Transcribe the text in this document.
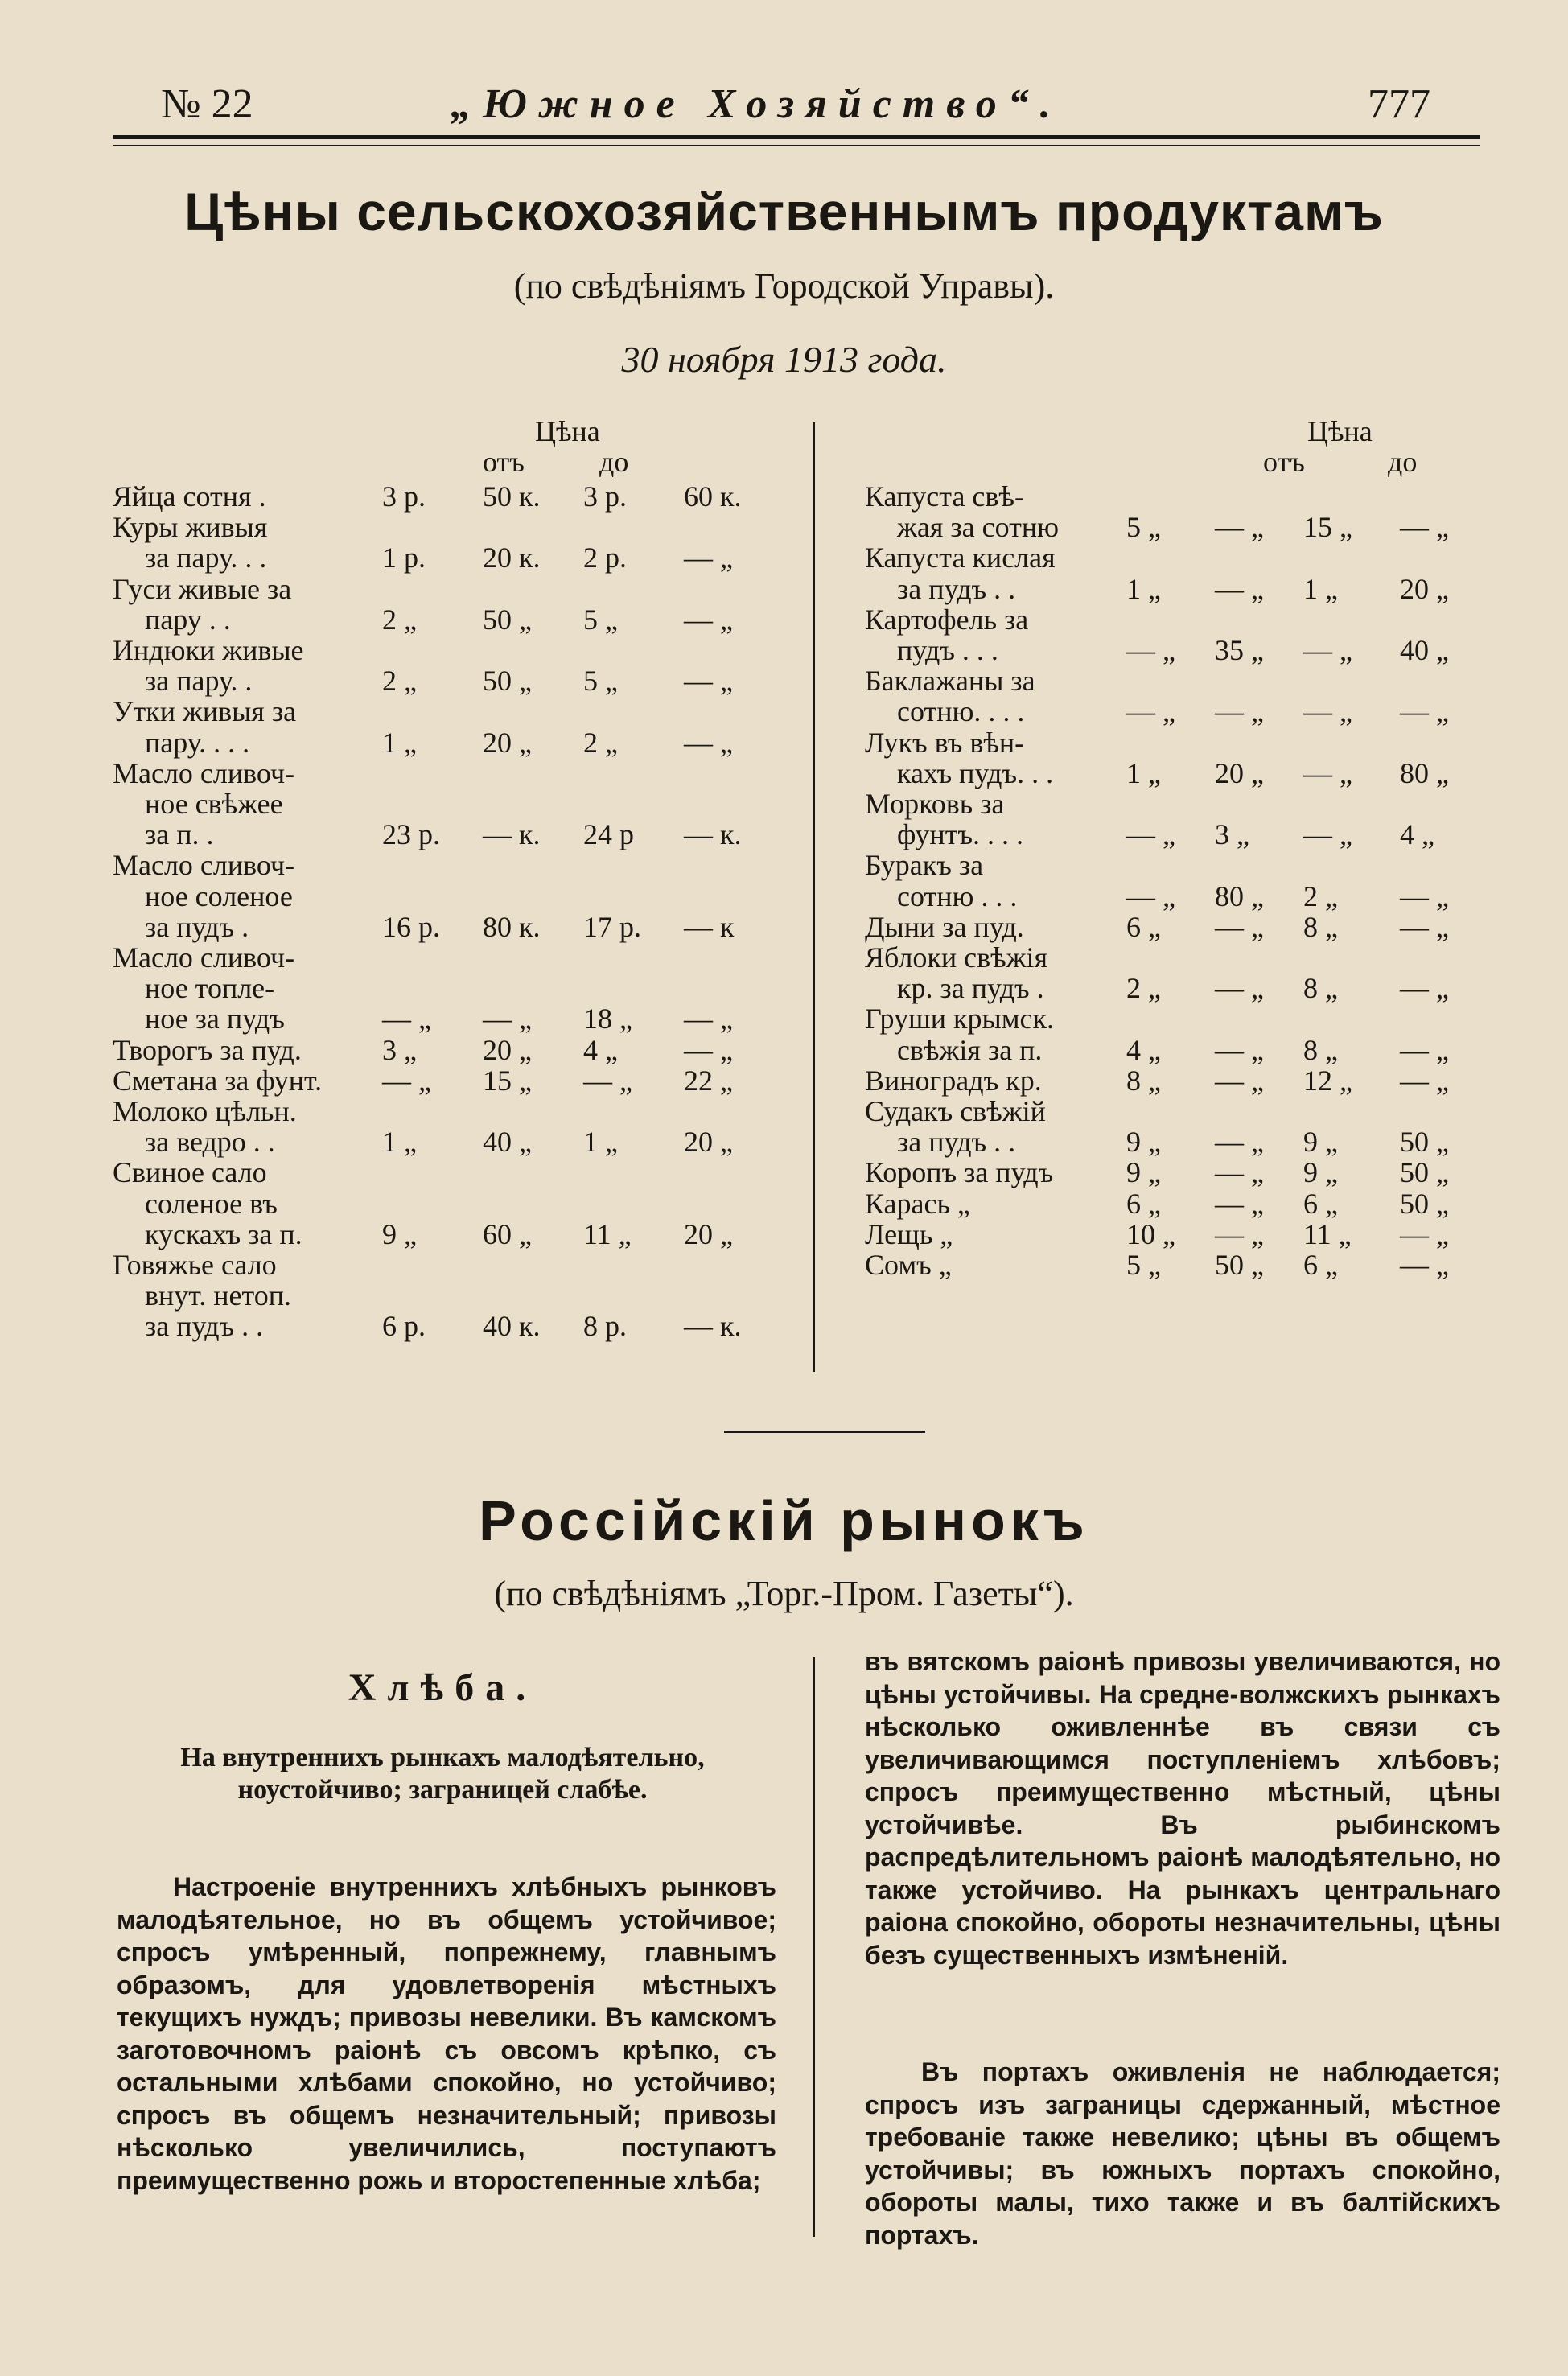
№ 22	„Южное Хозяйство“.	777
Цѣны сельскохозяйственнымъ продуктамъ
(по свѣдѣніямъ Городской Управы).
30 ноября 1913 года.
Цѣна
отъ	до
Цѣна
отъ	до
Яйца сотня .	3 р. 50 к. 3 р. 60 к.
Куры живыя
за пару. . .	1 р. 20 к. 2 р. — „
Гуси живые за
пару . .	2 „ 50 „ 5 „ — „
Индюки живые
за пару. .	2 „ 50 „ 5 „ — „
Утки живыя за
пару. . . .	1 „ 20 „ 2 „ — „
Масло сливоч-
ное свѣжее
за п. .	23 р. — к. 24 р — к.
Масло сливоч-
ное соленое
за пудъ .	16 р. 80 к. 17 р. — к
Масло сливоч-
ное топле-
ное за пудъ	— „ — „ 18 „ — „
Творогъ за пуд.	3 „ 20 „ 4 „ — „
Сметана за фунт. — „ 15 „ — „ 22 „
Молоко цѣльн.
за ведро . .	1 „ 40 „ 1 „ 20 „
Свиное сало
соленое въ
кускахъ за п.	9 „ 60 „ 11 „ 20 „
Говяжье сало
внут. нетоп.
за пудъ . .	6 р. 40 к. 8 р. — к.
Капуста свѣ-
жая за сотню 5 „ — „ 15 „ — „
Капуста кислая
за пудъ . .	1 „ — „ 1 „ 20 „
Картофель за
пудъ . . .	— „ 35 „ — „ 40 „
Баклажаны за
сотню. . . .	— „ — „ — „ — „
Лукъ въ вѣн-
кахъ пудъ. . .	1 „ 20 „ — „ 80 „
Морковь за
фунтъ. . . .	— „ 3 „ — „ 4 „
Буракъ за
сотню . . .	— „ 80 „ 2 „ — „
Дыни за пуд.	6 „ — „ 8 „ — „
Яблоки свѣжія
кр. за пудъ .	2 „ — „ 8 „ — „
Груши крымск.
свѣжія за п.	4 „ — „ 8 „ — „
Виноградъ кр.	8 „ — „ 12 „ — „
Судакъ свѣжій
за пудъ . .	9 „ — „ 9 „ 50 „
Коропъ за пудъ	9 „ — „ 9 „ 50 „
Карась „	6 „ — „ 6 „ 50 „
Лещь „	10 „ — „ 11 „ — „
Сомъ „	5 „ 50 „ 6 „ — „
Россійскій рынокъ
(по свѣдѣніямъ „Торг.-Пром. Газеты“).
Хлѣба.
На внутреннихъ рынкахъ малодѣятельно, ноустойчиво; заграницей слабѣе.
Настроеніе внутреннихъ хлѣбныхъ рынковъ малодѣятельное, но въ общемъ устойчивое; спросъ умѣренный, попрежнему, главнымъ образомъ, для удовлетворенія мѣстныхъ текущихъ нуждъ; привозы невелики. Въ камскомъ заготовочномъ раіонѣ съ овсомъ крѣпко, съ остальными хлѣбами спокойно, но устойчиво; спросъ въ общемъ незначительный; привозы нѣсколько увеличились, поступаютъ преимущественно рожь и второстепенные хлѣба;
въ вятскомъ раіонѣ привозы увеличиваются, но цѣны устойчивы. На средне-волжскихъ рынкахъ нѣсколько оживленнѣе въ связи съ увеличивающимся поступленіемъ хлѣбовъ; спросъ преимущественно мѣстный, цѣны устойчивѣе. Въ рыбинскомъ распредѣлительномъ раіонѣ малодѣятельно, но также устойчиво. На рынкахъ центральнаго раіона спокойно, обороты незначительны, цѣны безъ существенныхъ измѣненій.
Въ портахъ оживленія не наблюдается; спросъ изъ заграницы сдержанный, мѣстное требованіе также невелико; цѣны въ общемъ устойчивы; въ южныхъ портахъ спокойно, обороты малы, тихо также и въ балтійскихъ портахъ.
